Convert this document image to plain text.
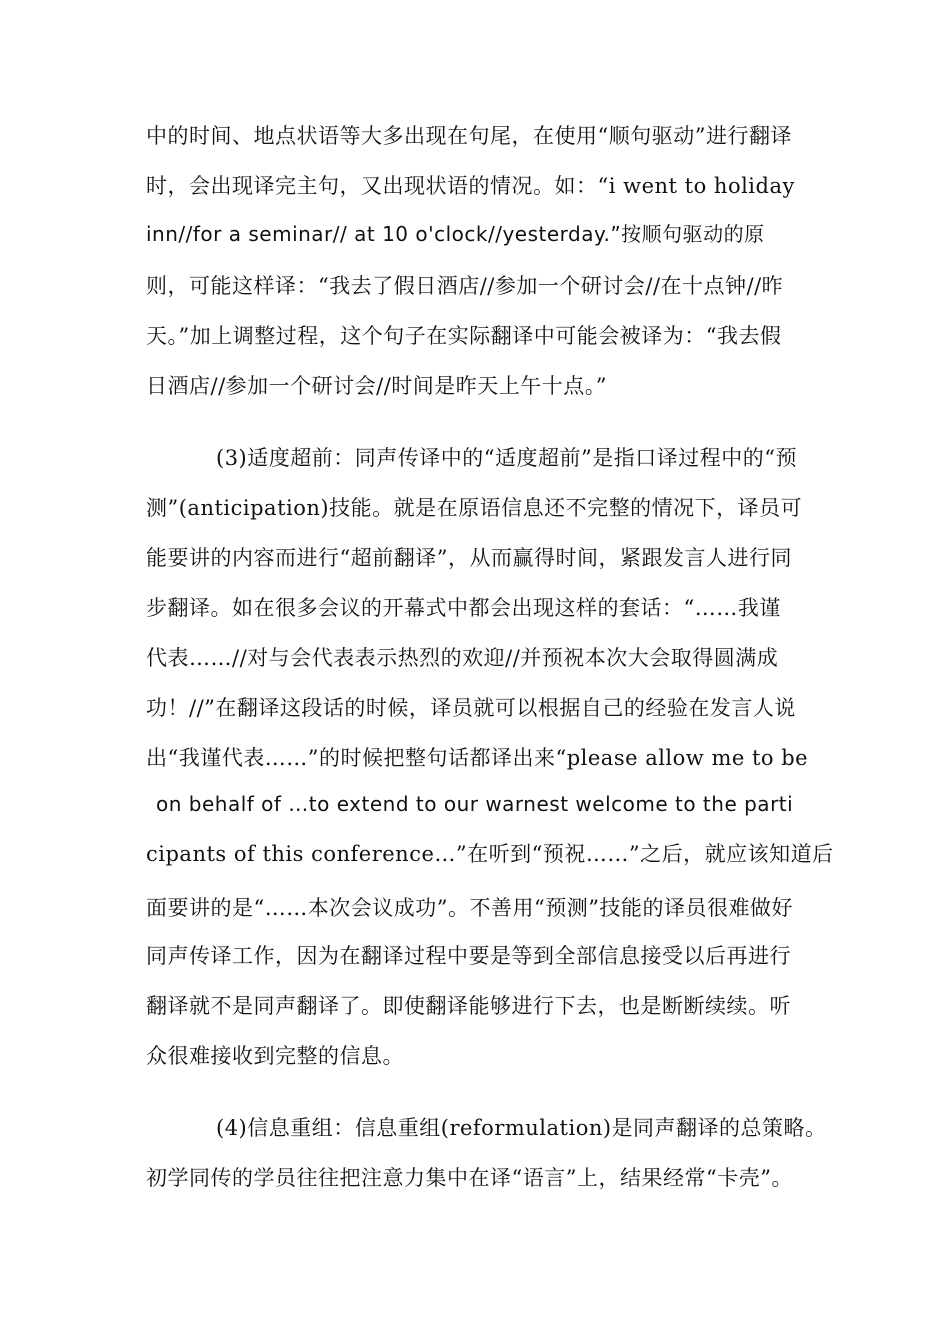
中的时间、地点状语等大多出现在句尾，在使用“顺句驱动”进行翻译
时，会出现译完主句，又出现状语的情况。如：“i went to holiday
inn//for a seminar// at 10 o'clock//yesterday.”按顺句驱动的原
则，可能这样译：“我去了假日酒店//参加一个研讨会//在十点钟//昨
天。”加上调整过程，这个句子在实际翻译中可能会被译为：“我去假
日酒店//参加一个研讨会//时间是昨天上午十点。”
(3)适度超前：同声传译中的“适度超前”是指口译过程中的“预
测”(anticipation)技能。就是在原语信息还不完整的情况下，译员可
能要讲的内容而进行“超前翻译”，从而赢得时间，紧跟发言人进行同
步翻译。如在很多会议的开幕式中都会出现这样的套话：“……我谨
代表……//对与会代表表示热烈的欢迎//并预祝本次大会取得圆满成
功！//”在翻译这段话的时候，译员就可以根据自己的经验在发言人说
出“我谨代表……”的时候把整句话都译出来“please allow me to be
on behalf of …to extend to our warnest welcome to the parti
cipants of this conference…”在听到“预祝……”之后，就应该知道后
面要讲的是“……本次会议成功”。不善用“预测”技能的译员很难做好
同声传译工作，因为在翻译过程中要是等到全部信息接受以后再进行
翻译就不是同声翻译了。即使翻译能够进行下去，也是断断续续。听
众很难接收到完整的信息。
(4)信息重组：信息重组(reformulation)是同声翻译的总策略。
初学同传的学员往往把注意力集中在译“语言”上，结果经常“卡壳”。
